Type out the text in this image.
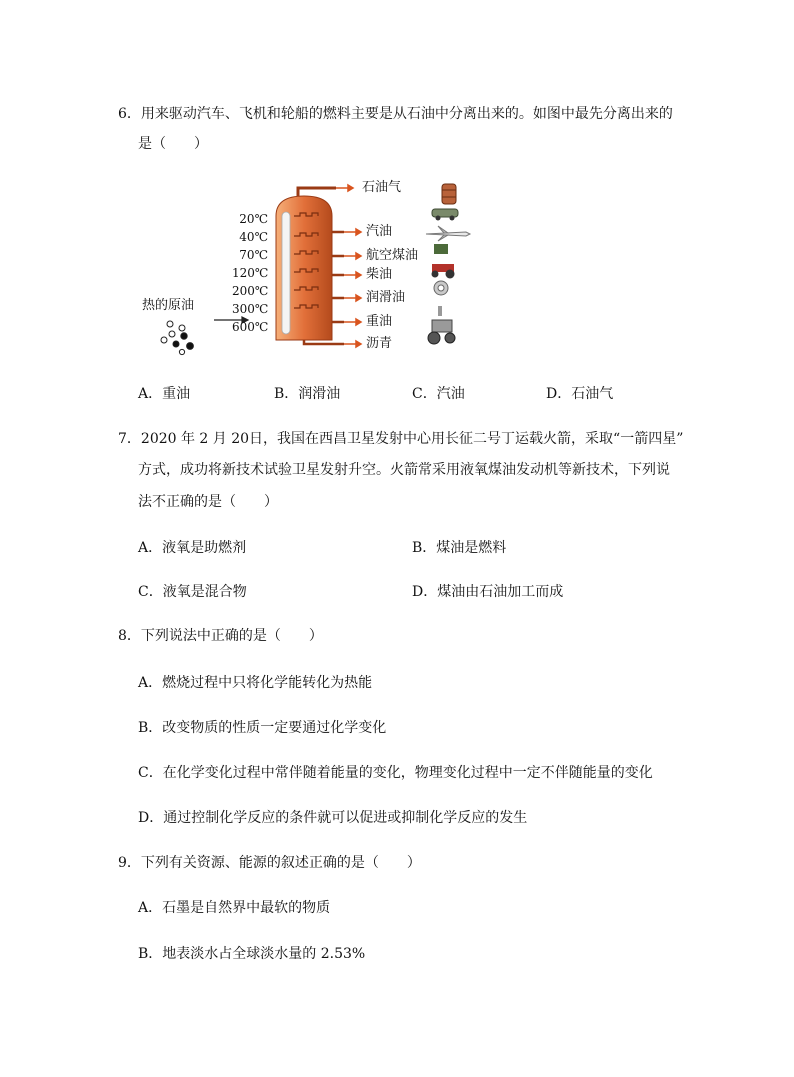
6．用来驱动汽车、飞机和轮船的燃料主要是从石油中分离出来的。如图中最先分离出来的
是（　　）
热的原油
20℃
40℃
70℃
120℃
200℃
300℃
600℃
石油气
汽油
航空煤油
柴油
润滑油
重油
沥青
A．重油	B．润滑油	C．汽油	D．石油气
7．2020 年 2 月 20日，我国在西昌卫星发射中心用长征二号丁运载火箭，采取“一箭四星”
方式，成功将新技术试验卫星发射升空。火箭常采用液氧煤油发动机等新技术，下列说
法不正确的是（　　）
A．液氧是助燃剂	B．煤油是燃料
C．液氧是混合物	D．煤油由石油加工而成
8．下列说法中正确的是（　　）
A．燃烧过程中只将化学能转化为热能
B．改变物质的性质一定要通过化学变化
C．在化学变化过程中常伴随着能量的变化，物理变化过程中一定不伴随能量的变化
D．通过控制化学反应的条件就可以促进或抑制化学反应的发生
9．下列有关资源、能源的叙述正确的是（　　）
A．石墨是自然界中最软的物质
B．地表淡水占全球淡水量的 2.53%
